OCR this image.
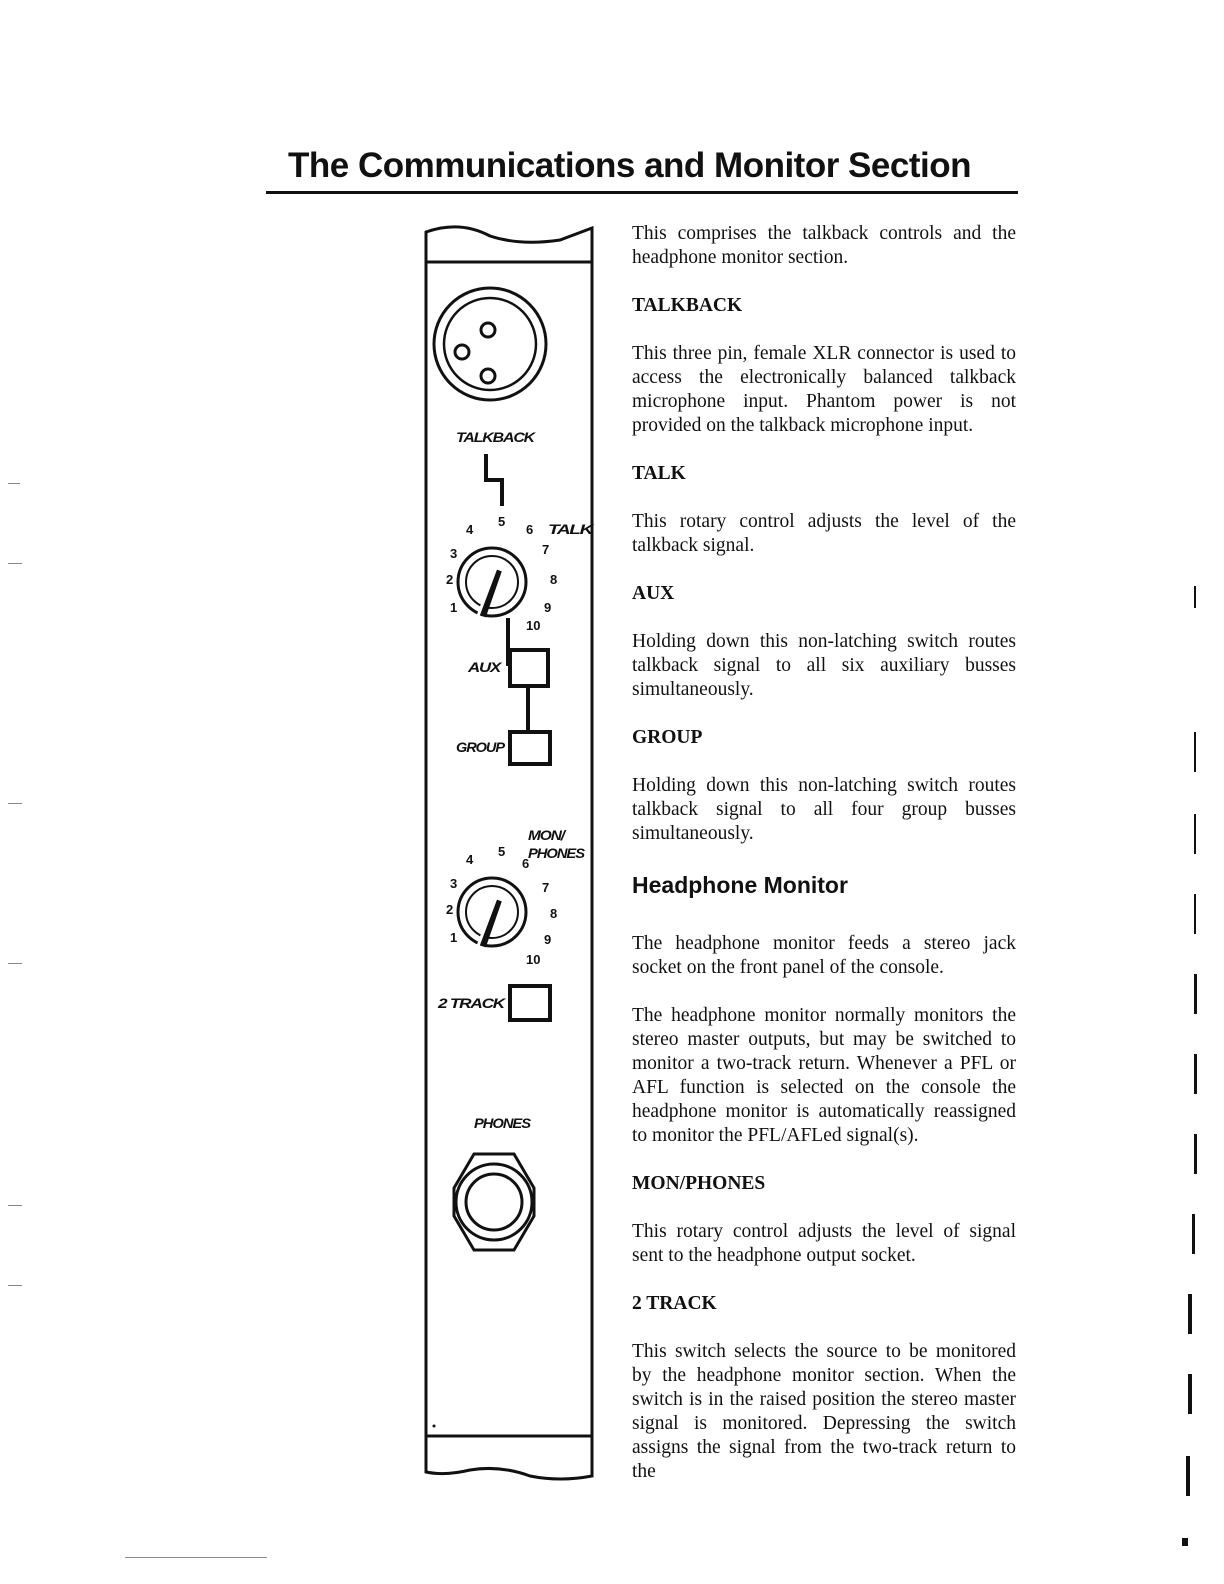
The Communications and Monitor Section
TALKBACK
TALK
1
2
3
4
5
6
7
8
9
10
AUX
GROUP
MON/
PHONES
1
2
3
4
5
6
7
8
9
10
2 TRACK
PHONES

This comprises the talkback controls and the headphone monitor section.

TALKBACK

This three pin, female XLR connector is used to access the electronically balanced talkback microphone input. Phantom power is not provided on the talkback microphone input.

TALK

This rotary control adjusts the level of the talkback signal.

AUX

Holding down this non-latching switch routes talkback signal to all six auxiliary busses simultaneously.

GROUP

Holding down this non-latching switch routes talkback signal to all four group busses simultaneously.

Headphone Monitor

The headphone monitor feeds a stereo jack socket on the front panel of the console.

The headphone monitor normally monitors the stereo master outputs, but may be switched to monitor a two-track return. Whenever a PFL or AFL function is selected on the console the headphone monitor is automatically reassigned to monitor the PFL/AFLed signal(s).

MON/PHONES

This rotary control adjusts the level of signal sent to the headphone output socket.

2 TRACK

This switch selects the source to be monitored by the headphone monitor section. When the switch is in the raised position the stereo master signal is monitored. Depressing the switch assigns the signal from the two-track return to the
